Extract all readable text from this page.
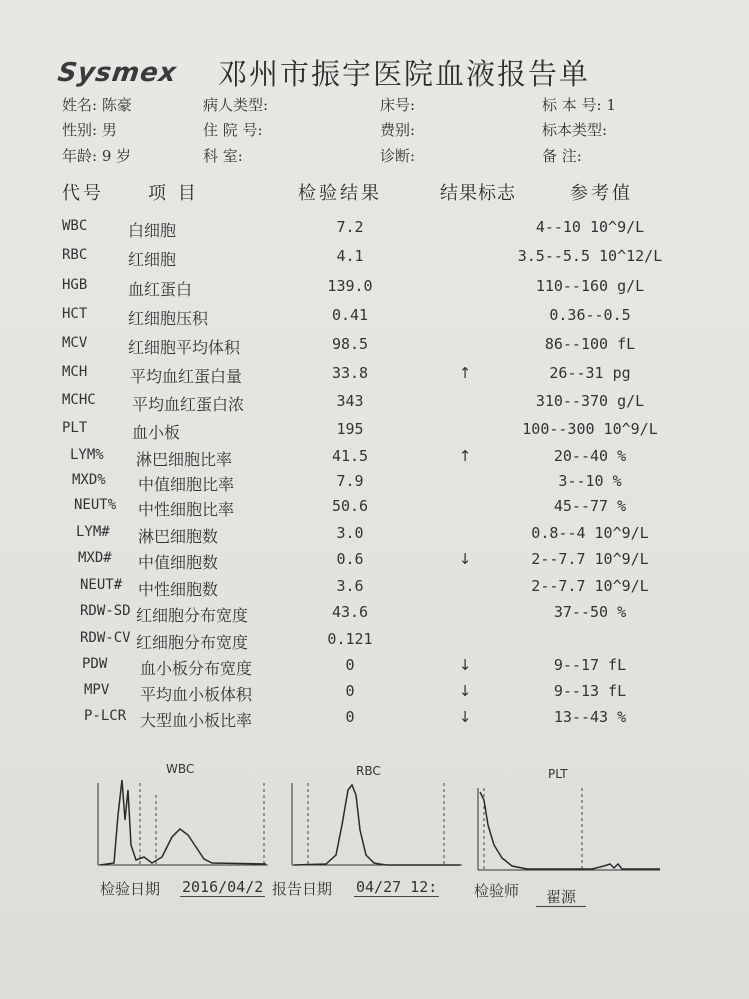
Sysmex 邓州市振宇医院血液报告单
姓名: 陈豪	病人类型:	床号:	标 本 号: 1
性别: 男	住 院 号:	费别:	标本类型:
年龄: 9 岁	科 室:	诊断:	备 注:
代号 项 目	检验结果	结果标志	参考值
WBC	白细胞	7.2	4--10 10^9/L
RBC	红细胞	4.1	3.5--5.5 10^12/L
HGB	血红蛋白	139.0	110--160 g/L
HCT	红细胞压积	0.41	0.36--0.5
MCV	红细胞平均体积	98.5	86--100 fL
MCH	平均血红蛋白量	33.8	↑	26--31 pg
MCHC 平均血红蛋白浓	343	310--370 g/L
PLT	血小板	195	100--300 10^9/L
LYM% 淋巴细胞比率	41.5	↑	20--40 %
MXD% 中值细胞比率	7.9	3--10 %
NEUT% 中性细胞比率	50.6	45--77 %
LYM# 淋巴细胞数	3.0	0.8--4 10^9/L
MXD# 中值细胞数	0.6	↓	2--7.7 10^9/L
NEUT# 中性细胞数	3.6	2--7.7 10^9/L
RDW-SD 红细胞分布宽度	43.6	37--50 %
RDW-CV 红细胞分布宽度	0.121
PDW 血小板分布宽度	0	↓	9--17 fL
MPV 平均血小板体积	0	↓	9--13 fL
P-LCR 大型血小板比率	0	↓	13--43 %
WBC	RBC	PLT
检验日期 2016/04/2 报告日期 04/27 12: 检验师	翟源
